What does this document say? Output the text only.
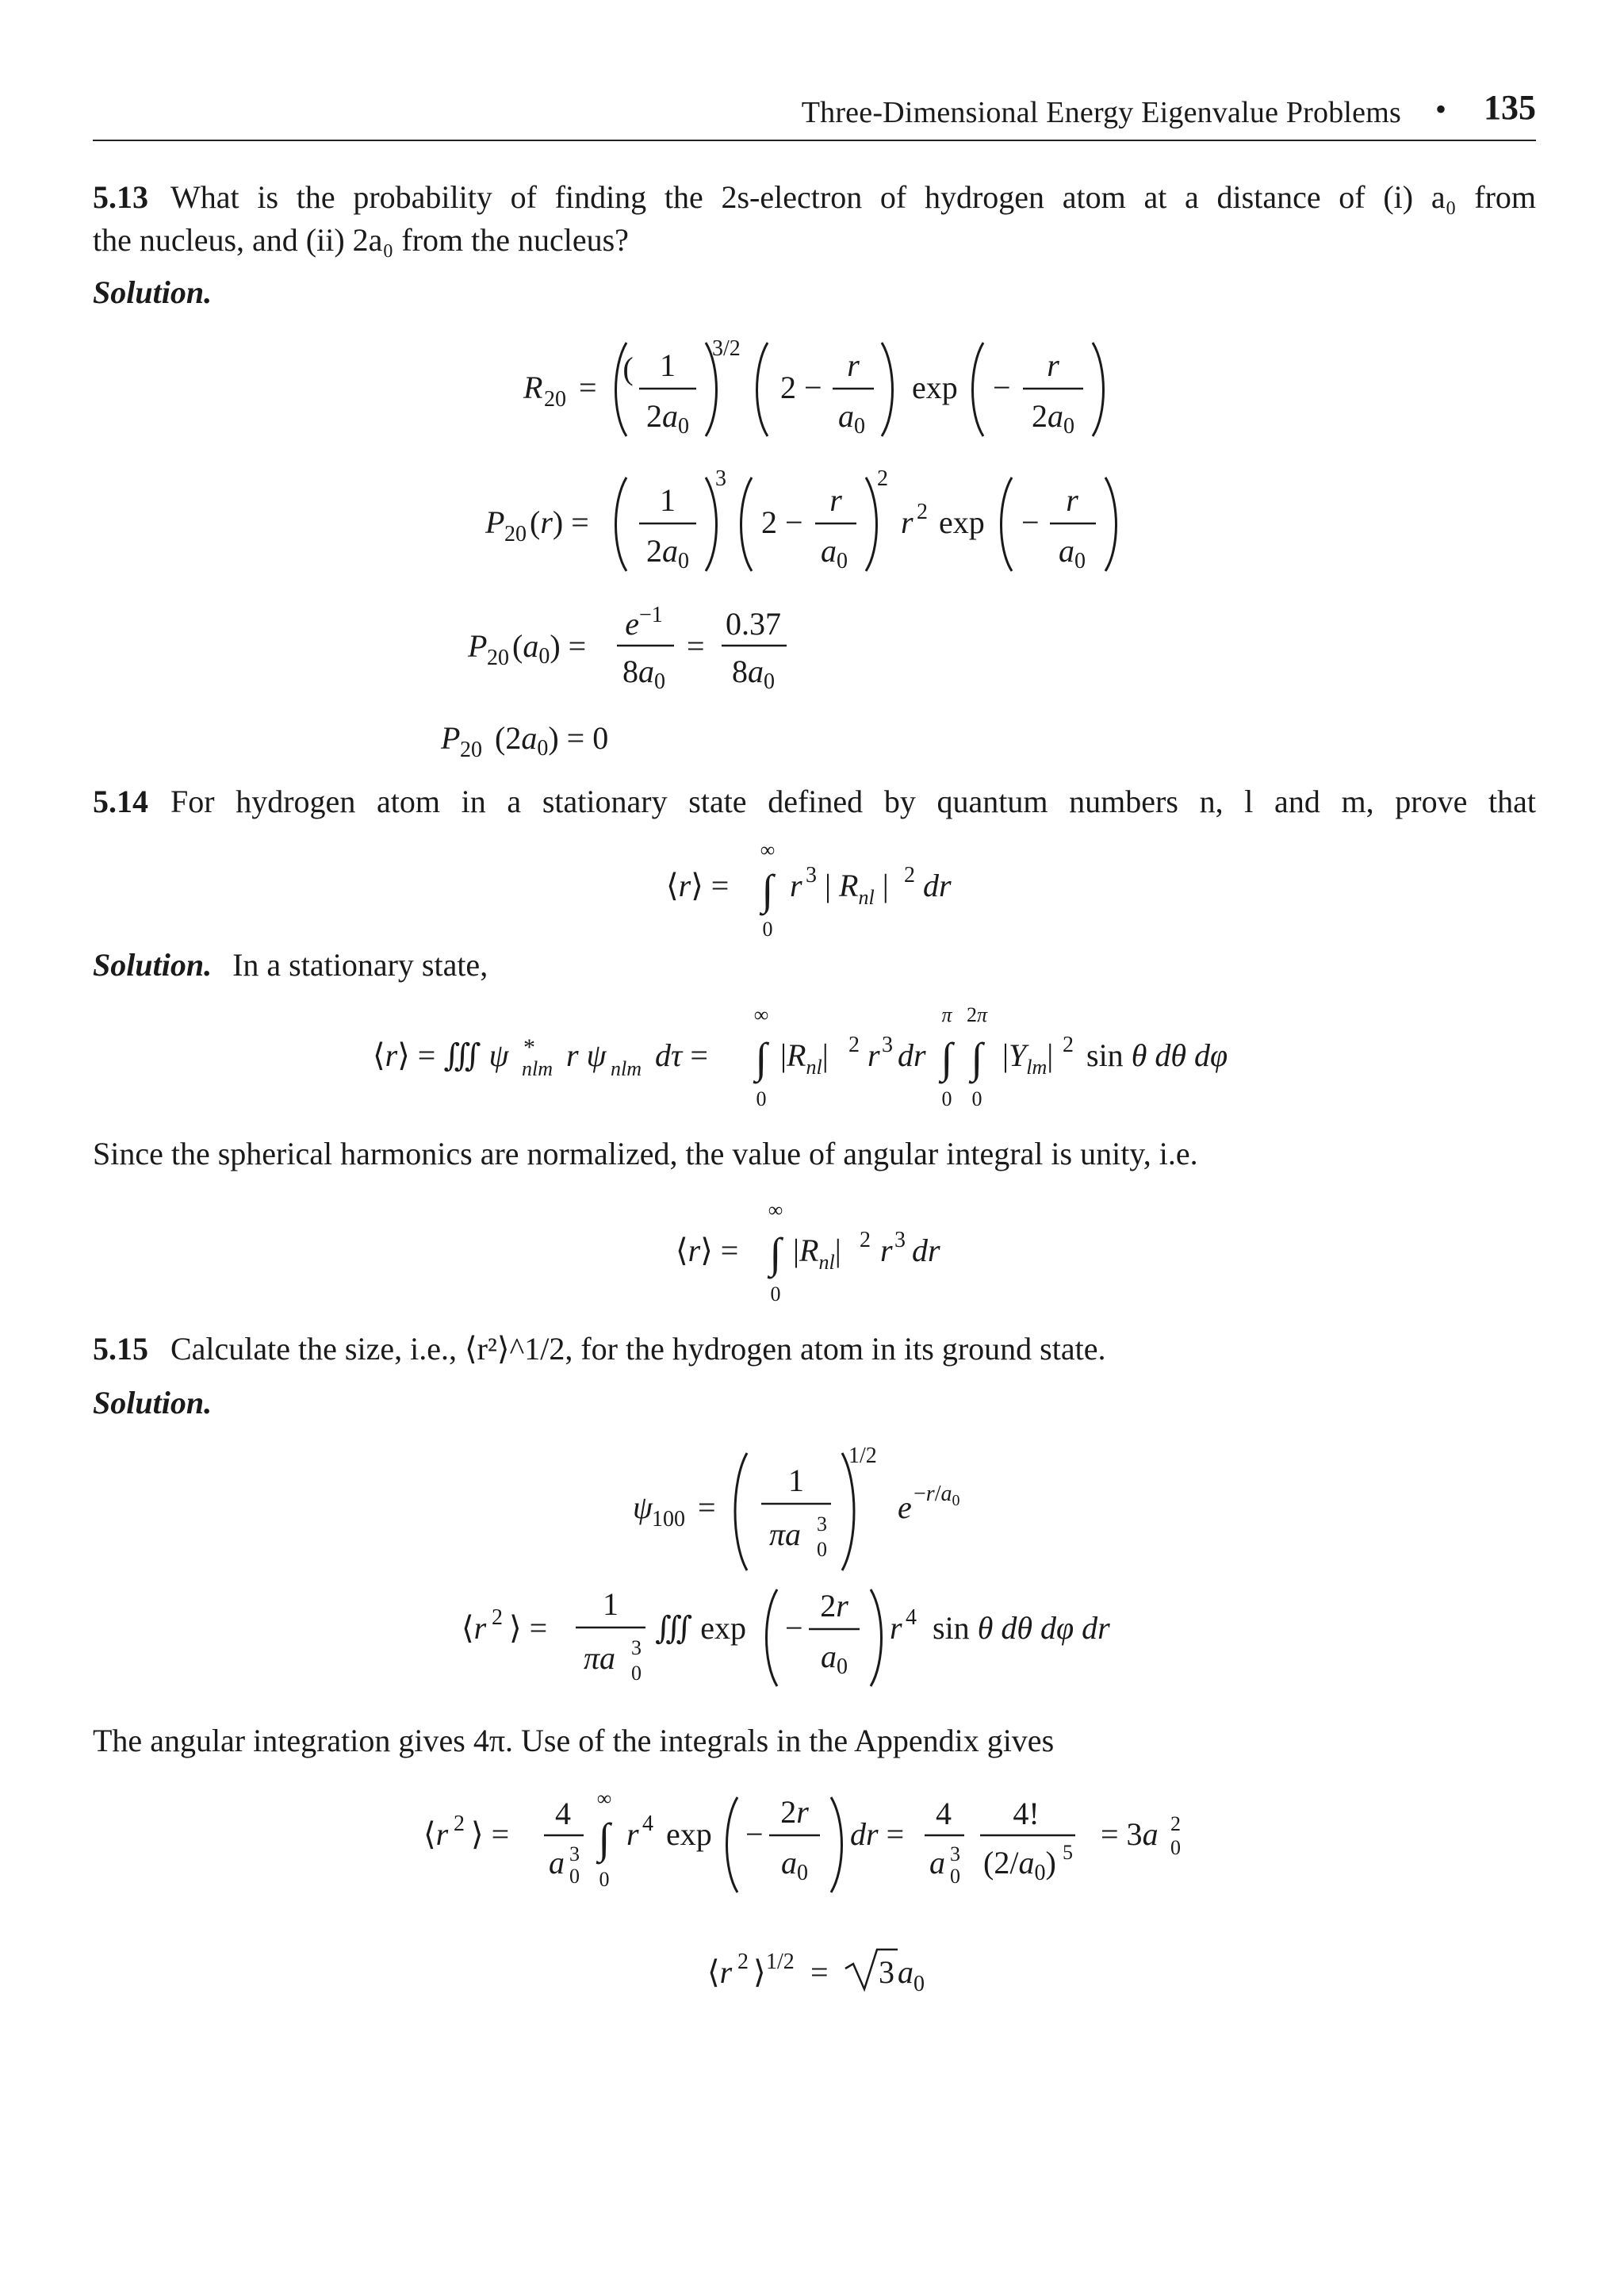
Three-Dimensional Energy Eigenvalue Problems • 135
5.13 What is the probability of finding the 2s-electron of hydrogen atom at a distance of (i) a₀ from
the nucleus, and (ii) 2a₀ from the nucleus?
Solution.
R 20 =
( 1
$2a_0$
3/2
2 −
r
$a_0$
exp −
r
$2a_0$
P 20 (r) =
1
$2a_0$
3
2 −
r
$a_0$
2
r 2 exp −
r
$a_0$
P 20 $(a_0)$ =
$e^{-1}$
$8a_0$
=
0.37
$8a_0$
P 20 $(2a_0) = 0$
5.14 For hydrogen atom in a stationary state defined by quantum numbers n, l and m, prove that
⟨r⟩ =
∞
∫
0
r 3 | $R_{nl}$ | 2 dr
⟨r⟩ = ∭ ψ *
nlm r ψ nlm dτ =
∞
∫
0
$|R_{nl}|$ 2 r 3 dr
π
∫
0
2π
∫
0
$|Y_{lm}|$ 2 sin θ dθ dφ
⟨r⟩ =
∞
∫
0
$|R_{nl}|$ 2 r 3 dr
Solution. In a stationary state,
Since the spherical harmonics are normalized, the value of angular integral is unity, i.e.
5.15 Calculate the size, i.e., ⟨r²⟩^1/2, for the hydrogen atom in its ground state.
Solution.
The angular integration gives 4π. Use of the integrals in the Appendix gives
ψ 100 =
1
πa 3
0
1/2
$e -r/a_0$
⟨r 2 ⟩ =
1
πa 3
0
∭ exp −
2r
$a_0$
r 4 sin θ dθ dφ dr
⟨r 2 ⟩ =
4
a 3
0
∞
∫
0
r 4 exp −
2r
$a_0$
dr =
4
a 3
0
4!
$(2/a_0)$ 5
= 3a 2
0
⟨r 2 ⟩ 1/2 = 3 a 0
